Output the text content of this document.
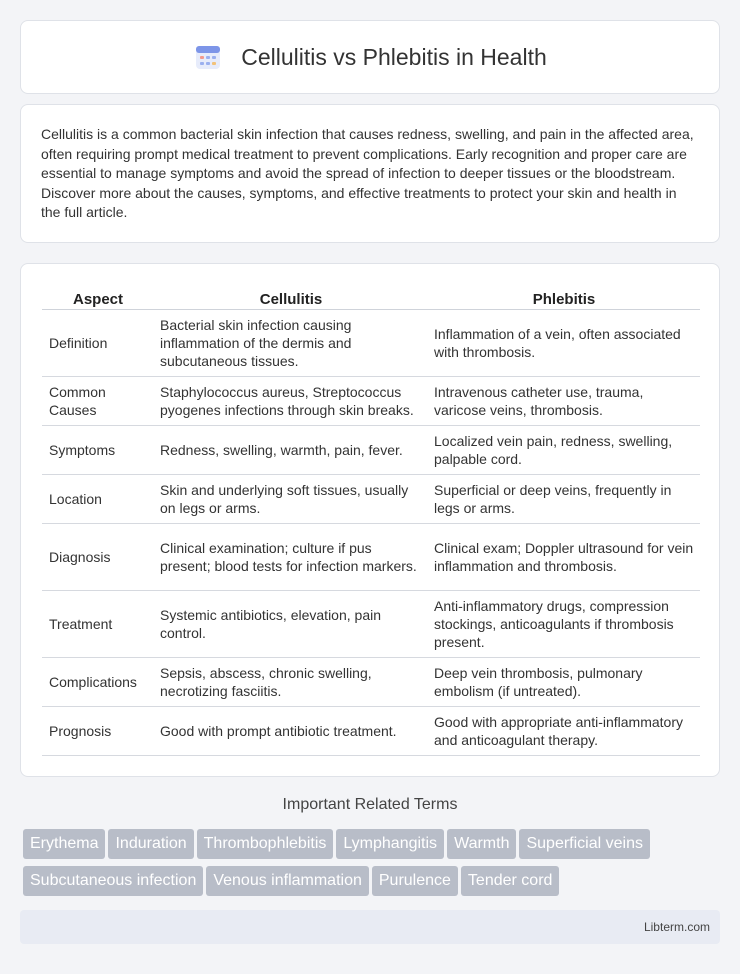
Cellulitis vs Phlebitis in Health

Cellulitis is a common bacterial skin infection that causes redness, swelling, and pain in the affected area, often requiring prompt medical treatment to prevent complications. Early recognition and proper care are essential to manage symptoms and avoid the spread of infection to deeper tissues or the bloodstream. Discover more about the causes, symptoms, and effective treatments to protect your skin and health in the full article.

Aspect	Cellulitis	Phlebitis
Definition	Bacterial skin infection causing inflammation of the dermis and subcutaneous tissues.	Inflammation of a vein, often associated with thrombosis.
Common Causes	Staphylococcus aureus, Streptococcus pyogenes infections through skin breaks.	Intravenous catheter use, trauma, varicose veins, thrombosis.
Symptoms	Redness, swelling, warmth, pain, fever.	Localized vein pain, redness, swelling, palpable cord.
Location	Skin and underlying soft tissues, usually on legs or arms.	Superficial or deep veins, frequently in legs or arms.
Diagnosis	Clinical examination; culture if pus present; blood tests for infection markers.	Clinical exam; Doppler ultrasound for vein inflammation and thrombosis.
Treatment	Systemic antibiotics, elevation, pain control.	Anti-inflammatory drugs, compression stockings, anticoagulants if thrombosis present.
Complications	Sepsis, abscess, chronic swelling, necrotizing fasciitis.	Deep vein thrombosis, pulmonary embolism (if untreated).
Prognosis	Good with prompt antibiotic treatment.	Good with appropriate anti-inflammatory and anticoagulant therapy.
Important Related Terms
Erythema Induration Thrombophlebitis Lymphangitis Warmth Superficial veins
Subcutaneous infection Venous inflammation Purulence Tender cord
Libterm.com
